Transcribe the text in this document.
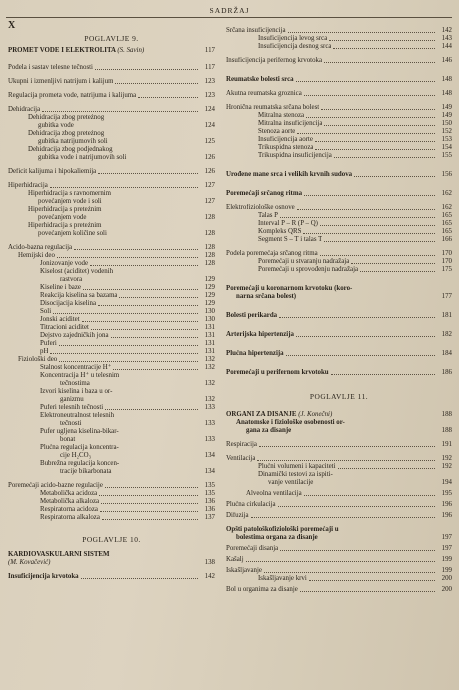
X
SADRŽAJ
POGLAVLJE 9.
PROMET VODE I ELEKTROLITA (S. Savin)	117
Podela i sastav telesne tečnosti	117
Ukupni i izmenljivi natrijum i kalijum	123
Regulacija prometa vode, natrijuma i kalijuma	123
Dehidracija	124
Dehidracija zbog preteżnog
gubitka vode	124
Dehidracija zbog preteżnog
gubitka natrijumovih soli	125
Dehidracija zbog podjednakog
gubitka vode i natrijumovih soli	126
Deficit kalijuma i hipokaliemija	126
Hiperhidracija	127
Hiperhidracija s ravnomernim
povećanjem vode i soli	127
Hiperhidracija s preteżnim
povećanjem vode	128
Hiperhidracija s preteżnim
povećanjem količine soli	128
Acido-bazna regulacija	128
Hemijski deo	128
Jonizovanje vode	128
Kiselost (aciditet) vodenih
rastvora	129
Kiseline i baze	129
Reakcija kiselina sa bazama	129
Disocijacija kiselina	129
Soli	130
Jonski aciditet	130
Titracioni aciditet	131
Dejstvo zajedničkih jona	131
Puferi	131
pH	131
Fiziološki deo	132
Stalnost koncentracije H⁺	132
Koncentracija H⁺ u telesnim
tečnostima	132
Izvori kiselina i baza u or-
ganizmu	132
Puferi telesnih tečnosti	133
Elektroneutralnost telesnih
tečnosti	133
Pufer ugljena kiselina-bikar-
bonat	133
Plućna regulacija koncentra-
cije H₂CO₃	134
Bubrežna regulacija koncen-
tracije bikarbonata	134
Poremećaji acido-bazne regulacije	135
Metabolička acidoza	135
Metabolička alkaloza	136
Respiratorna acidoza	136
Respiratorna alkaloza	137
POGLAVLJE 10.
KARDIOVASKULARNI SISTEM
(M. Kovačević)	138
Insuficijencija krvotoka	142
Srčana insuficijencija	142
Insuficijencija levog srca	143
Insuficijencija desnog srca	144
Insuficijencija perifernog krvotoka	146
Reumatske bolesti srca	148
Akutna reumatska groznica	148
Hronična reumatska srčana bolest	149
Mitralna stenoza	149
Mitralna insuficijencija	150
Stenoza aorte	152
Insuficijencija aorte	153
Trikuspidna stenoza	154
Trikuspidna insuficijencija	155
Urođene mane srca i velikih krvnih sudova	156
Poremećaji srčanog ritma	162
Elektrofiziološke osnove	162
Talas P	165
Interval P – R (P – Q)	165
Kompleks QRS	165
Segment S – T i talas T	166
Podela poremećaja srčanog ritma	170
Poremećaji u stvaranju nadražaja	170
Poremećaji u sprovođenju nadražaja	175
Poremećaji u koronarnom krvotoku (koro-
narna srčana bolest)	177
Bolesti perikarda	181
Arterijska hipertenzija	182
Plućna hipertenzija	184
Poremećaji u perifernom krvotoku	186
POGLAVLJE 11.
ORGANI ZA DISANJE (J. Konečni)	188
Anatomske i fiziološke osobenosti or-
gana za disanje	188
Respiracija	191
Ventilacija	192
Plućni volumeni i kapaciteti	192
Dinamički testovi za ispiti-
vanje ventilacije	194
Alveolna ventilacija	195
Plućna cirkulacija	196
Difuzija	196
Opšti patološkofiziološki poremećaji u
bolestima organa za disanje	197
Poremećaji disanja	197
Kašalj	199
Iskašljavanje	199
Iskašljavanje krvi	200
Bol u organima za disanje	200
